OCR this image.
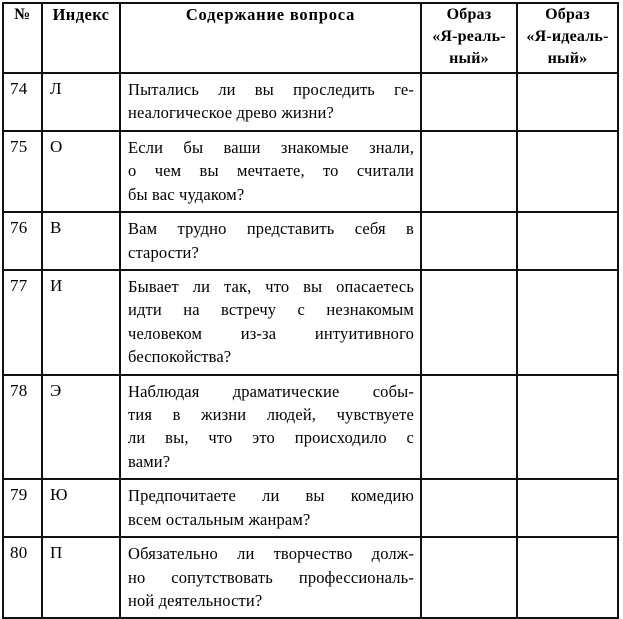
№	Индекс	Содержание вопроса	Образ
«Я-реаль-
ный»	Образ
«Я-идеаль-
ный»

74	Л	Пытались ли вы проследить ге-
неалогическое древо жизни?		

75	О	Если бы ваши знакомые знали,
о чем вы мечтаете, то считали
бы вас чудаком?		

76	В	Вам трудно представить себя в
старости?		

77	И	Бывает ли так, что вы опасаетесь
идти на встречу с незнакомым
человеком из-за интуитивного
беспокойства?		

78	Э	Наблюдая драматические собы-
тия в жизни людей, чувствуете
ли вы, что это происходило с
вами?		

79	Ю	Предпочитаете ли вы комедию
всем остальным жанрам?		

80	П	Обязательно ли творчество долж-
но сопутствовать профессиональ-
ной деятельности?		
